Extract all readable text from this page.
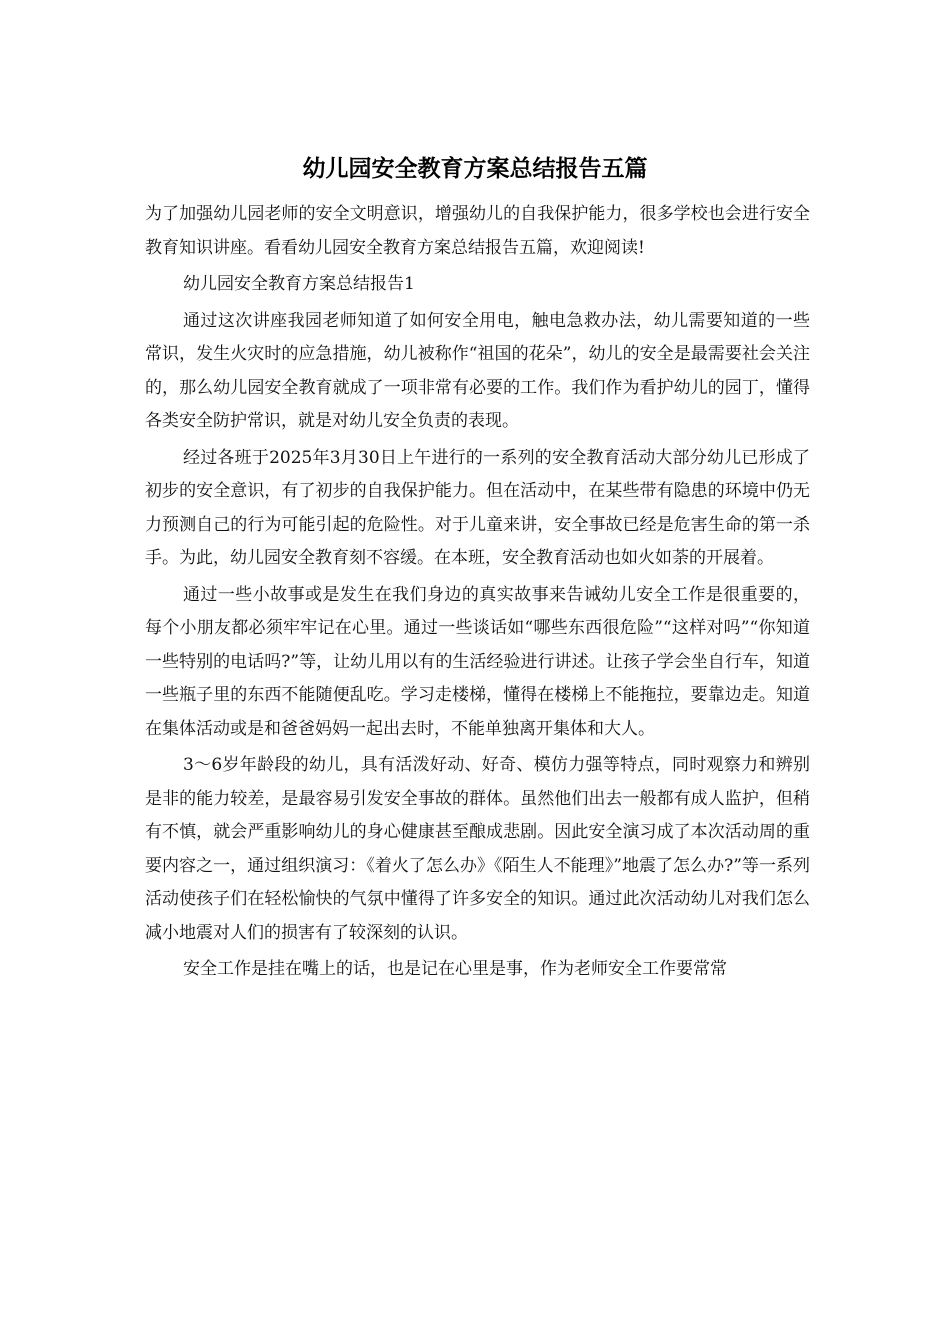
幼儿园安全教育方案总结报告五篇

为了加强幼儿园老师的安全文明意识，增强幼儿的自我保护能力，很多学校也会进行安全教育知识讲座。看看幼儿园安全教育方案总结报告五篇，欢迎阅读!

幼儿园安全教育方案总结报告1

通过这次讲座我园老师知道了如何安全用电，触电急救办法，幼儿需要知道的一些常识，发生火灾时的应急措施，幼儿被称作“祖国的花朵”，幼儿的安全是最需要社会关注的，那么幼儿园安全教育就成了一项非常有必要的工作。我们作为看护幼儿的园丁，懂得各类安全防护常识，就是对幼儿安全负责的表现。

经过各班于2025年3月30日上午进行的一系列的安全教育活动大部分幼儿已形成了初步的安全意识，有了初步的自我保护能力。但在活动中，在某些带有隐患的环境中仍无力预测自己的行为可能引起的危险性。对于儿童来讲，安全事故已经是危害生命的第一杀手。为此，幼儿园安全教育刻不容缓。在本班，安全教育活动也如火如荼的开展着。

通过一些小故事或是发生在我们身边的真实故事来告诫幼儿安全工作是很重要的，每个小朋友都必须牢牢记在心里。通过一些谈话如“哪些东西很危险”“这样对吗”“你知道一些特别的电话吗?”等，让幼儿用以有的生活经验进行讲述。让孩子学会坐自行车，知道一些瓶子里的东西不能随便乱吃。学习走楼梯，懂得在楼梯上不能拖拉，要靠边走。知道在集体活动或是和爸爸妈妈一起出去时，不能单独离开集体和大人。

3～6岁年龄段的幼儿，具有活泼好动、好奇、模仿力强等特点，同时观察力和辨别是非的能力较差，是最容易引发安全事故的群体。虽然他们出去一般都有成人监护，但稍有不慎，就会严重影响幼儿的身心健康甚至酿成悲剧。因此安全演习成了本次活动周的重要内容之一，通过组织演习：《着火了怎么办》《陌生人不能理》”地震了怎么办?”等一系列活动使孩子们在轻松愉快的气氛中懂得了许多安全的知识。通过此次活动幼儿对我们怎么减小地震对人们的损害有了较深刻的认识。

安全工作是挂在嘴上的话，也是记在心里是事，作为老师安全工作要常常
